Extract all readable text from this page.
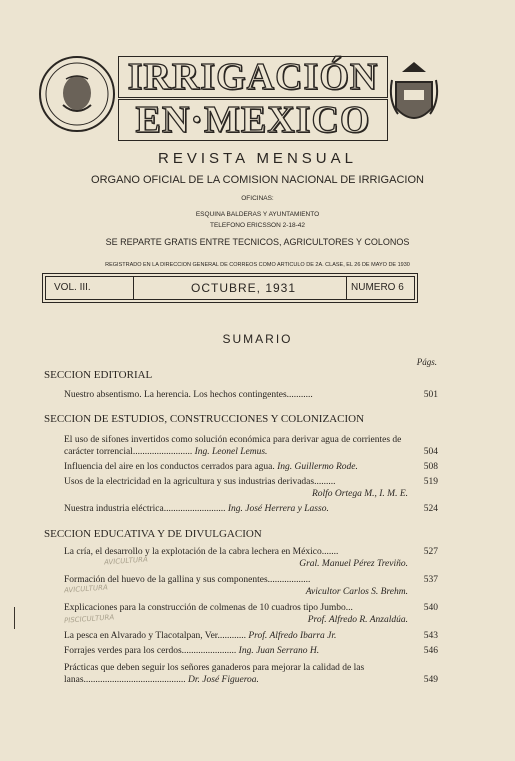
IRRIGACIÓN
EN·MEXICO
REVISTA MENSUAL
ORGANO OFICIAL DE LA COMISION NACIONAL DE IRRIGACION
OFICINAS:
ESQUINA BALDERAS Y AYUNTAMIENTO
TELEFONO ERICSSON 2-18-42
SE REPARTE GRATIS ENTRE TECNICOS, AGRICULTORES Y COLONOS
REGISTRADO EN LA DIRECCION GENERAL DE CORREOS COMO ARTICULO DE 2A. CLASE, EL 26 DE MAYO DE 1930
VOL. III.	OCTUBRE, 1931	NUMERO 6
SUMARIO
Págs.
SECCION EDITORIAL
Nuestro absentismo. La herencia. Los hechos contingentes...........	501
SECCION DE ESTUDIOS, CONSTRUCCIONES Y COLONIZACION
El uso de sifones invertidos como solución económica para derivar agua de corrientes de carácter torrencial......................... Ing. Leonel Lemus.	504
Influencia del aire en los conductos cerrados para agua. Ing. Guillermo Rode.	508
Usos de la electricidad en la agricultura y sus industrias derivadas.........	519
Rolfo Ortega M., I. M. E.
Nuestra industria eléctrica.......................... Ing. José Herrera y Lasso.	524
SECCION EDUCATIVA Y DE DIVULGACION
La cría, el desarrollo y la explotación de la cabra lechera en México.......	527
Gral. Manuel Pérez Treviño.
Formación del huevo de la gallina y sus componentes..................	537
Avicultor Carlos S. Brehm.
Explicaciones para la construcción de colmenas de 10 cuadros tipo Jumbo...	540
Prof. Alfredo R. Anzaldúa.
La pesca en Alvarado y Tlacotalpan, Ver............ Prof. Alfredo Ibarra Jr.	543
Forrajes verdes para los cerdos....................... Ing. Juan Serrano H.	546
Prácticas que deben seguir los señores ganaderos para mejorar la calidad de las lanas........................................... Dr. José Figueroa.	549
AVICULTURA
AVICULTURA
PISCICULTURA
